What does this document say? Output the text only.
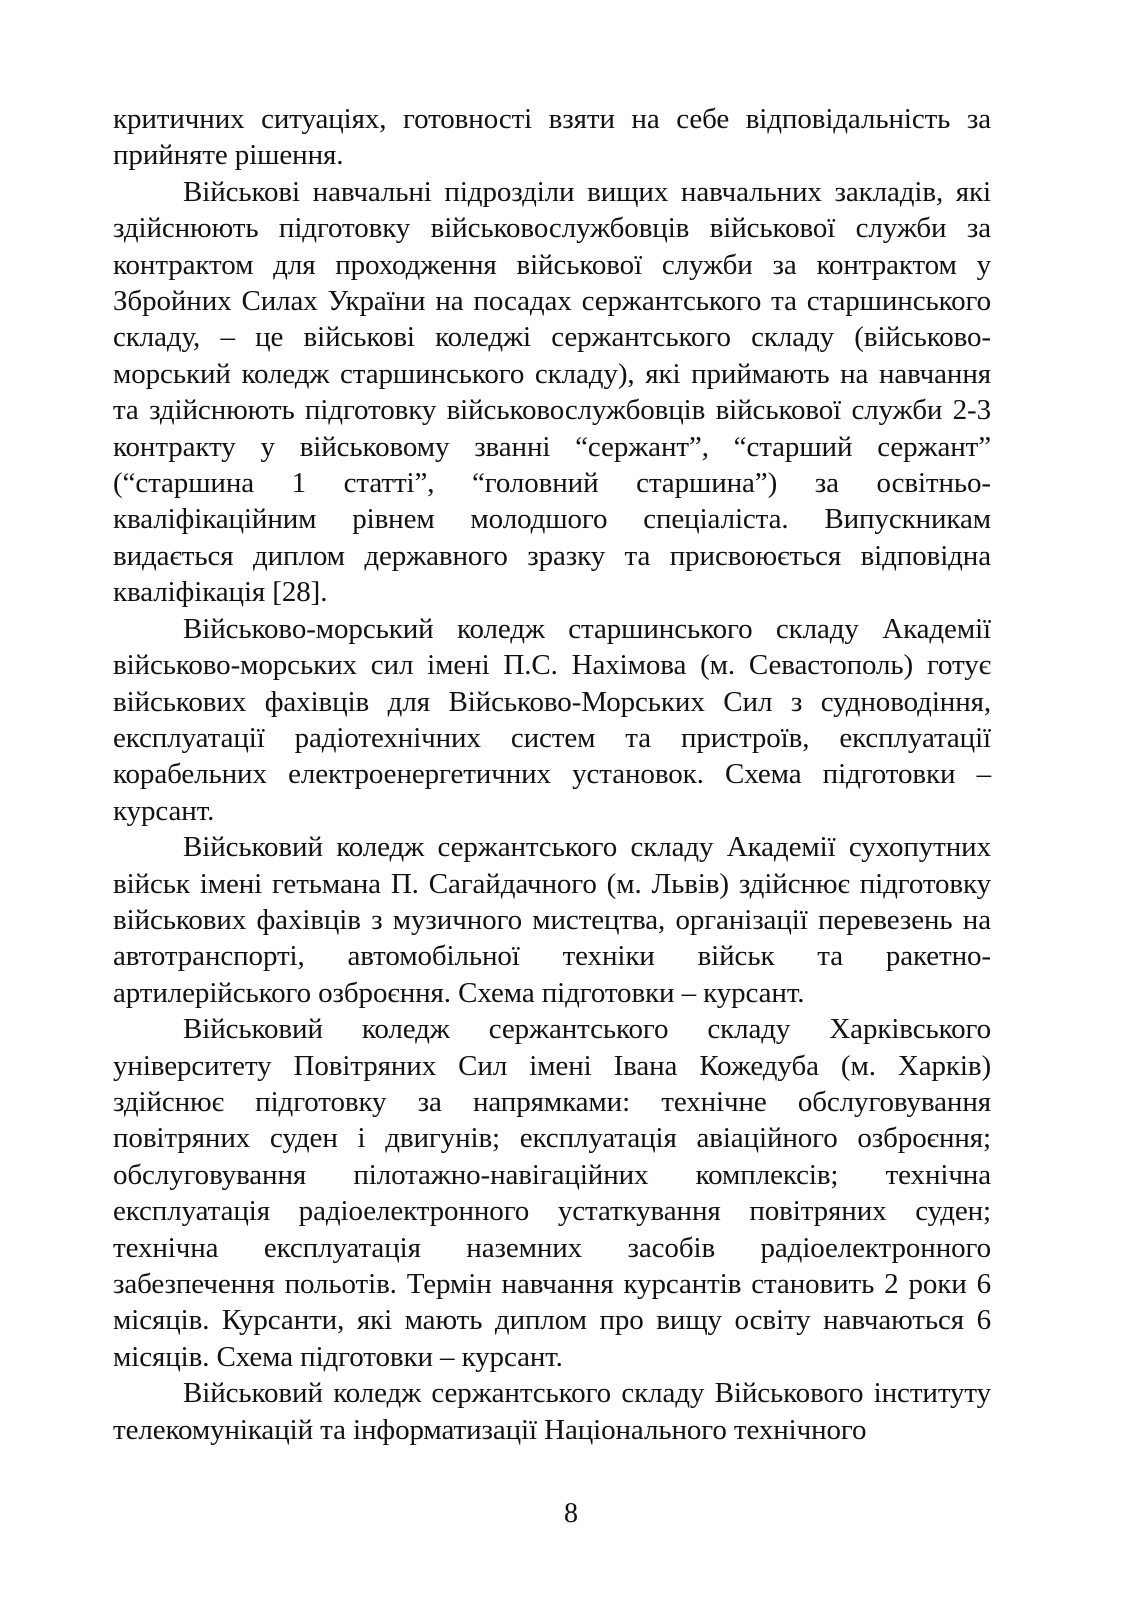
критичних ситуаціях, готовності взяти на себе відповідальність за прийняте рішення.

Військові навчальні підрозділи вищих навчальних закладів, які здійснюють підготовку військовослужбовців військової служби за контрактом для проходження військової служби за контрактом у Збройних Силах України на посадах сержантського та старшинського складу, – це військові коледжі сержантського складу (військово-морський коледж старшинського складу), які приймають на навчання та здійснюють підготовку військовослужбовців військової служби 2-3 контракту у військовому званні “сержант”, “старший сержант” (“старшина 1 статті”, “головний старшина”) за освітньо-кваліфікаційним рівнем молодшого спеціаліста. Випускникам видається диплом державного зразку та присвоюється відповідна кваліфікація [28].

Військово-морський коледж старшинського складу Академії військово-морських сил імені П.С. Нахімова (м. Севастополь) готує військових фахівців для Військово-Морських Сил з судноводіння, експлуатації радіотехнічних систем та пристроїв, експлуатації корабельних електроенергетичних установок. Схема підготовки – курсант.

Військовий коледж сержантського складу Академії сухопутних військ імені гетьмана П. Сагайдачного (м. Львів) здійснює підготовку військових фахівців з музичного мистецтва, організації перевезень на автотранспорті, автомобільної техніки військ та ракетно-артилерійського озброєння. Схема підготовки – курсант.

Військовий коледж сержантського складу Харківського університету Повітряних Сил імені Івана Кожедуба (м. Харків) здійснює підготовку за напрямками: технічне обслуговування повітряних суден і двигунів; експлуатація авіаційного озброєння; обслуговування пілотажно-навігаційних комплексів; технічна експлуатація радіоелектронного устаткування повітряних суден; технічна експлуатація наземних засобів радіоелектронного забезпечення польотів. Термін навчання курсантів становить 2 роки 6 місяців. Курсанти, які мають диплом про вищу освіту навчаються 6 місяців. Схема підготовки – курсант.

Військовий коледж сержантського складу Військового інституту телекомунікацій та інформатизації Національного технічного

8
